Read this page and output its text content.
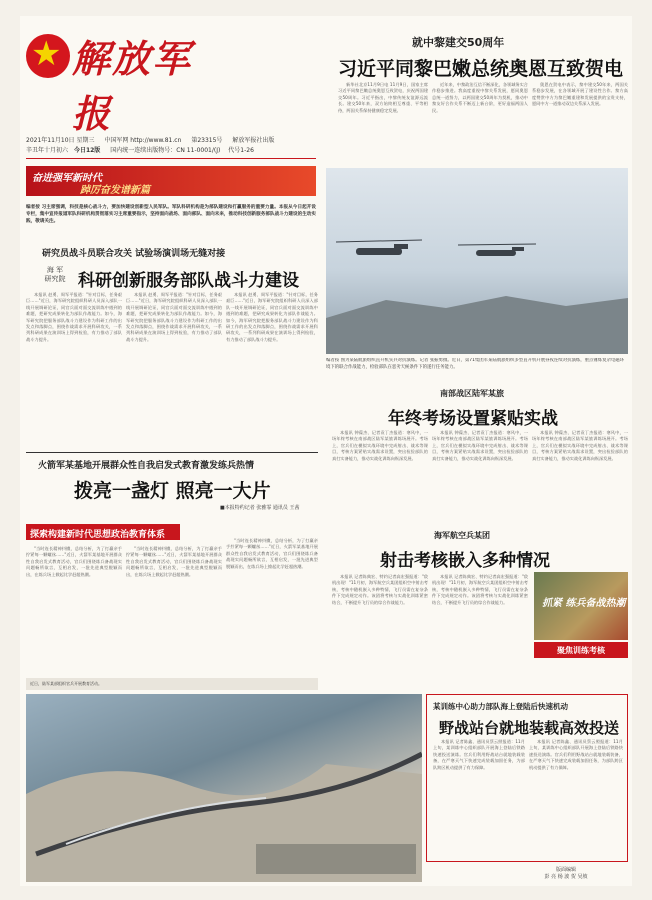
★
解放军报
2021年11月10日 星期三 中国军网 http://www.81.cn 第23315号 解放军报社出版
辛丑年十月初六 今日12版 国内统一连续出版物号：CN 11-0001/(J) 代号1-26
就中黎建交50周年
习近平同黎巴嫩总统奥恩互致贺电

新华社北京11月9日电 11月9日，国家主席习近平同黎巴嫩总统奥恩互致贺电，庆祝两国建交50周年。习近平指出，中黎传统友谊源远流长。建交50年来，双方始终相互尊重、平等相待，两国关系保持健康稳定发展。

近年来，中黎政治互信不断深化，各领域务实合作稳步推进。我高度重视中黎关系发展，愿同奥恩总统一道努力，以两国建交50周年为契机，推动中黎友好合作关系不断迈上新台阶，更好造福两国人民。

奥恩在贺电中表示，黎中建交50年来，两国关系稳步发展，在各领域开展了建设性合作。黎方高度赞赏中方为黎巴嫩重建和发展提供的宝贵支持，愿同中方一道推动双边关系深入发展。

奋进强军新时代
踔厉奋发谱新篇
编者按 习主席强调，科技是核心战斗力，要加快建设创新型人民军队。军队科研机构是为部队建设和打赢服务的重要力量。本报从今日起开设专栏，集中宣传报道军队科研机构贯彻落实习主席重要指示，坚持面向战场、面向部队、面向未来，推动科技创新服务部队战斗力建设的生动实践，敬请关注。
研究员战斗员联合攻关 试验场演训场无缝对接
海 军
研究院 科研创新服务部队战斗力建设

本报讯 赵勇、周军平报道："针对目标，任务艰巨……"近日，海军研究院组织科研人员深入部队一线开展调研论证，同官兵面对面交流训练中遇到的难题，把研究成果转化为部队作战能力。如今，海军研究院把服务部队战斗力建设作为科研工作的出发点和落脚点，围绕作战需求开展科研攻关，一系列科研成果在演训场上得到检验，有力推动了部队战斗力提升。

本报讯 赵勇、周军平报道："针对目标，任务艰巨……"近日，海军研究院组织科研人员深入部队一线开展调研论证，同官兵面对面交流训练中遇到的难题，把研究成果转化为部队作战能力。如今，海军研究院把服务部队战斗力建设作为科研工作的出发点和落脚点，围绕作战需求开展科研攻关，一系列科研成果在演训场上得到检验，有力推动了部队战斗力提升。

本报讯 赵勇、周军平报道："针对目标，任务艰巨……"近日，海军研究院组织科研人员深入部队一线开展调研论证，同官兵面对面交流训练中遇到的难题，把研究成果转化为部队作战能力。如今，海军研究院把服务部队战斗力建设作为科研工作的出发点和落脚点，围绕作战需求开展科研攻关，一系列科研成果在演训场上得到检验，有力推动了部队战斗力提升。

编者按 图为某陆航旅组织直升机实兵对抗演练。记者 张振勇摄。近日，第71集团军某陆航旅组织多型直升机开展昼夜连续对抗演练，重点锤炼复杂电磁环境下的联合作战能力，检验部队在恶劣天候条件下的遂行任务能力。
火箭军某基地开展群众性自我启发式教育激发练兵热情
拨亮一盏灯 照亮一大片
■本报特约记者 张雅霏 通讯员 王茜
探索构建新时代思想政治教育体系

"当时连长精神抖擞，总结分析，为了打赢亲手拧紧每一颗螺丝……"近日，火箭军某基地开展群众性自我启发式教育活动，官兵们围绕练兵备战现实问题畅所欲言，互相启发，一批先进典型脱颖而出，在练兵场上掀起比学赶超热潮。

"当时连长精神抖擞，总结分析，为了打赢亲手拧紧每一颗螺丝……"近日，火箭军某基地开展群众性自我启发式教育活动，官兵们围绕练兵备战现实问题畅所欲言，互相启发，一批先进典型脱颖而出，在练兵场上掀起比学赶超热潮。

"当时连长精神抖擞，总结分析，为了打赢亲手拧紧每一颗螺丝……"近日，火箭军某基地开展群众性自我启发式教育活动，官兵们围绕练兵备战现实问题畅所欲言，互相启发，一批先进典型脱颖而出，在练兵场上掀起比学赶超热潮。

近日，陆军某部组织官兵开展教育活动。
南部战区陆军某旅
年终考场设置紧贴实战

本报讯 钟葆杰、记者袁丁杰报道：寒风中，一场年终考核在南部战区陆军某旅训练场展开。考场上，官兵们在模拟实战环境中完成射击、战术等课目，考核方案紧贴实战需求设置，突出检验部队的真打实备能力，推动实战化训练向纵深发展。

本报讯 钟葆杰、记者袁丁杰报道：寒风中，一场年终考核在南部战区陆军某旅训练场展开。考场上，官兵们在模拟实战环境中完成射击、战术等课目，考核方案紧贴实战需求设置，突出检验部队的真打实备能力，推动实战化训练向纵深发展。

本报讯 钟葆杰、记者袁丁杰报道：寒风中，一场年终考核在南部战区陆军某旅训练场展开。考场上，官兵们在模拟实战环境中完成射击、战术等课目，考核方案紧贴实战需求设置，突出检验部队的真打实备能力，推动实战化训练向纵深发展。

海军航空兵某团
射击考核嵌入多种情况

本报讯 记者陈典宏、特约记者高宏强报道："敌机出现！"11月初，海军航空兵某团组织空中射击考核，考核中随机嵌入多种特情，飞行员需在复杂条件下完成规定动作。该团将考核与实战化训练紧密结合，不断提升飞行员的综合作战能力。

本报讯 记者陈典宏、特约记者高宏强报道："敌机出现！"11月初，海军航空兵某团组织空中射击考核，考核中随机嵌入多种特情，飞行员需在复杂条件下完成规定动作。该团将考核与实战化训练紧密结合，不断提升飞行员的综合作战能力。	抓紧 练兵备战热潮
聚焦训练考核
某训练中心助力部队海上登陆后快速机动
野战站台就地装载高效投送

本报讯 记者陈鑫、通讯员蔡云照报道：11月上旬，某训练中心组织部队开展海上登陆后铁路快速投送演练。官兵们利用野战站台就地装载装备，在严寒天气下快速完成装载加固任务，为部队跨区机动提供了有力保障。

本报讯 记者陈鑫、通讯员蔡云照报道：11月上旬，某训练中心组织部队开展海上登陆后铁路快速投送演练。官兵们利用野战站台就地装载装备，在严寒天气下快速完成装载加固任务，为部队跨区机动提供了有力保障。

版面编辑
彭 亮 杨 波 贺 吴坡
